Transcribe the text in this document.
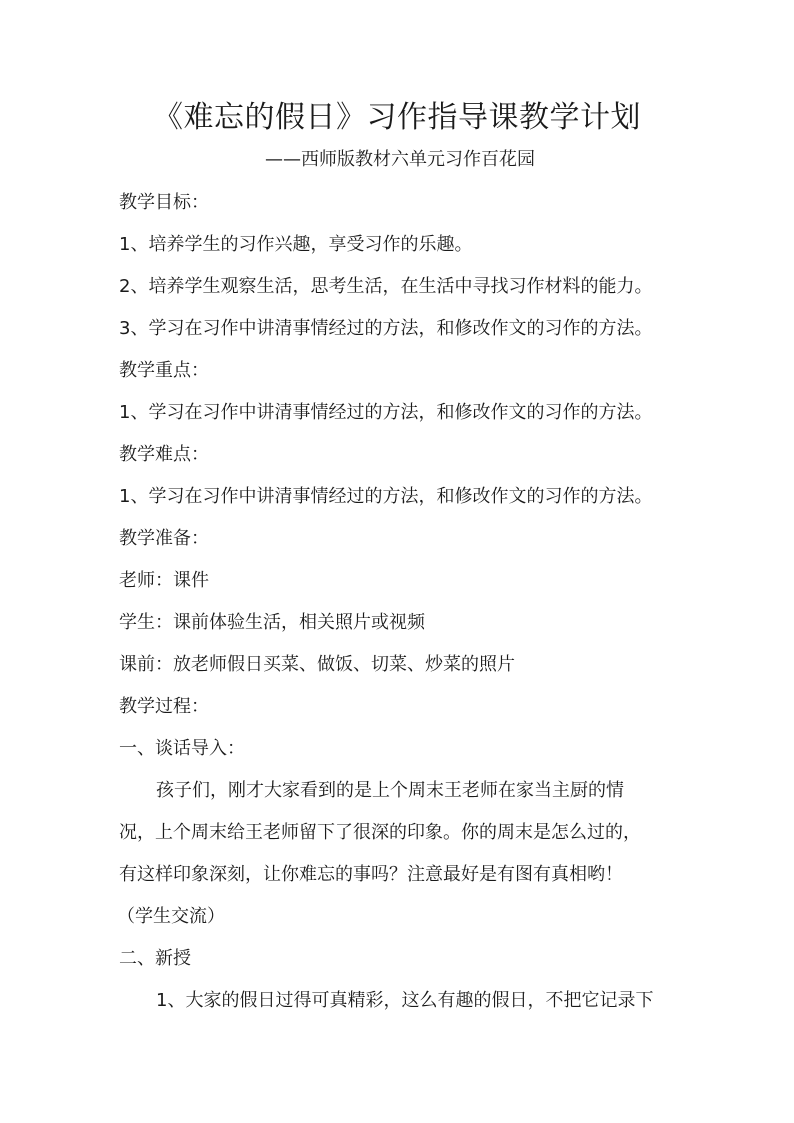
《难忘的假日》习作指导课教学计划
——西师版教材六单元习作百花园
教学目标：
1、培养学生的习作兴趣，享受习作的乐趣。
2、培养学生观察生活，思考生活，在生活中寻找习作材料的能力。
3、学习在习作中讲清事情经过的方法，和修改作文的习作的方法。
教学重点：
1、学习在习作中讲清事情经过的方法，和修改作文的习作的方法。
教学难点：
1、学习在习作中讲清事情经过的方法，和修改作文的习作的方法。
教学准备：
老师：课件
学生：课前体验生活，相关照片或视频
课前：放老师假日买菜、做饭、切菜、炒菜的照片
教学过程：
一、谈话导入：
孩子们，刚才大家看到的是上个周末王老师在家当主厨的情
况，上个周末给王老师留下了很深的印象。你的周末是怎么过的，
有这样印象深刻，让你难忘的事吗？注意最好是有图有真相哟！
（学生交流）
二、新授
1、大家的假日过得可真精彩，这么有趣的假日，不把它记录下
